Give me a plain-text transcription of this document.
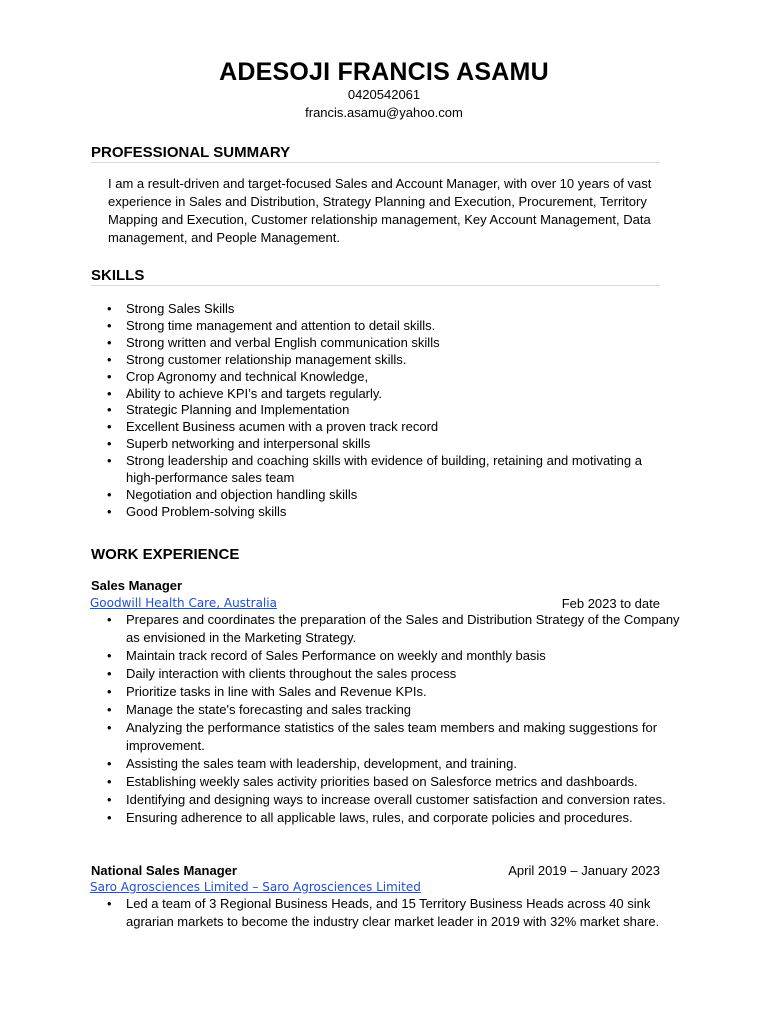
ADESOJI FRANCIS ASAMU
0420542061
francis.asamu@yahoo.com
PROFESSIONAL SUMMARY
I am a result-driven and target-focused Sales and Account Manager, with over 10 years of vast
experience in Sales and Distribution, Strategy Planning and Execution, Procurement, Territory
Mapping and Execution, Customer relationship management, Key Account Management, Data
management, and People Management.
SKILLS
• Strong Sales Skills
• Strong time management and attention to detail skills.
• Strong written and verbal English communication skills
• Strong customer relationship management skills.
• Crop Agronomy and technical Knowledge,
• Ability to achieve KPI’s and targets regularly.
• Strategic Planning and Implementation
• Excellent Business acumen with a proven track record
• Superb networking and interpersonal skills
• Strong leadership and coaching skills with evidence of building, retaining and motivating a high-performance sales team
• Negotiation and objection handling skills
• Good Problem-solving skills
WORK EXPERIENCE
Sales Manager
Goodwill Health Care, Australia	Feb 2023 to date
• Prepares and coordinates the preparation of the Sales and Distribution Strategy of the Company as envisioned in the Marketing Strategy.
• Maintain track record of Sales Performance on weekly and monthly basis
• Daily interaction with clients throughout the sales process
• Prioritize tasks in line with Sales and Revenue KPIs.
• Manage the state's forecasting and sales tracking
• Analyzing the performance statistics of the sales team members and making suggestions for improvement.
• Assisting the sales team with leadership, development, and training.
• Establishing weekly sales activity priorities based on Salesforce metrics and dashboards.
• Identifying and designing ways to increase overall customer satisfaction and conversion rates.
• Ensuring adherence to all applicable laws, rules, and corporate policies and procedures.
National Sales Manager	April 2019 – January 2023
Saro Agrosciences Limited – Saro Agrosciences Limited
• Led a team of 3 Regional Business Heads, and 15 Territory Business Heads across 40 sink agrarian markets to become the industry clear market leader in 2019 with 32% market share.
